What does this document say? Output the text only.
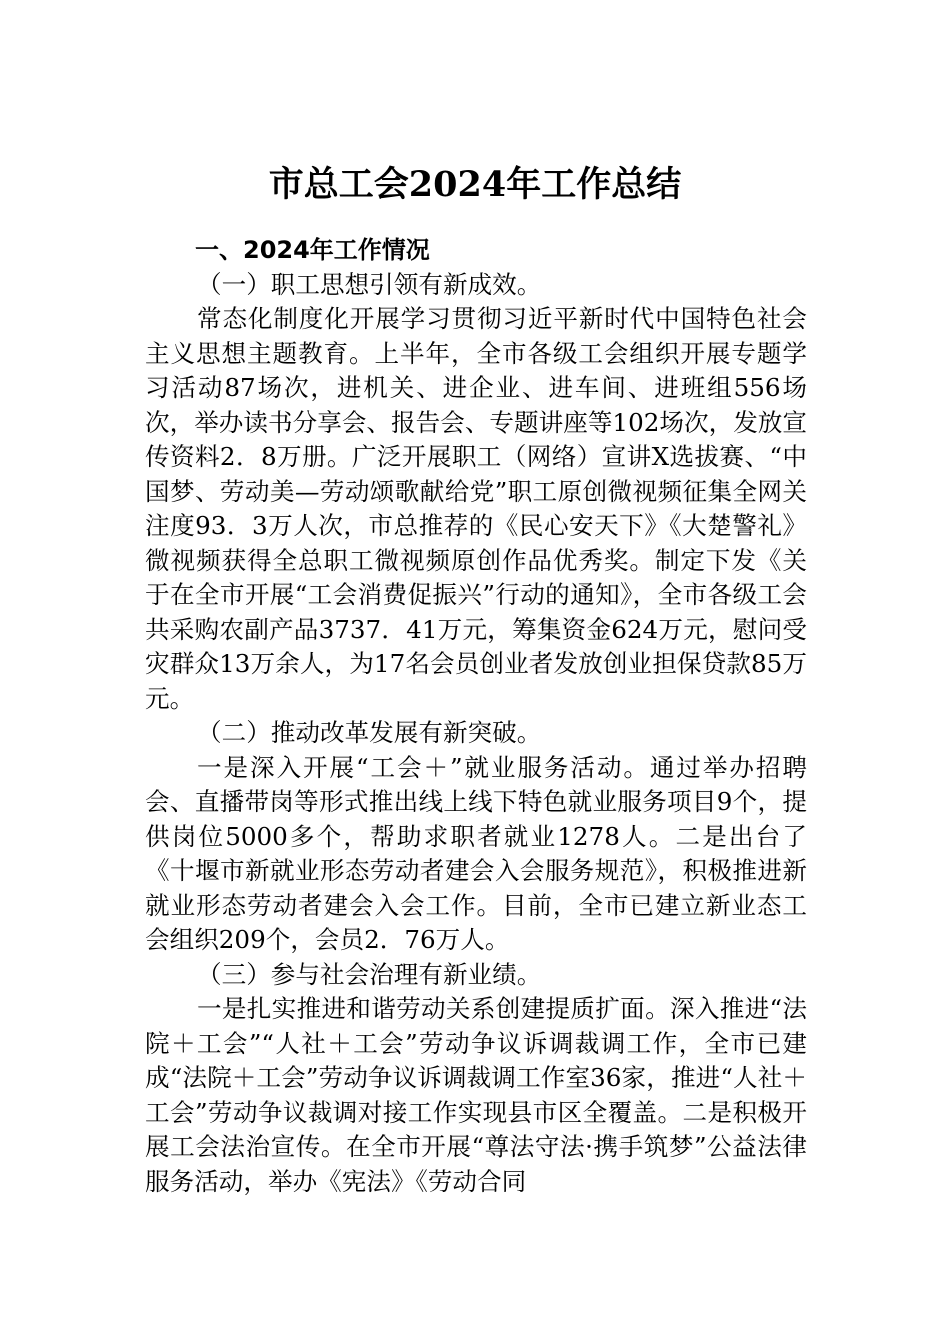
市总工会2024年工作总结

一、2024年工作情况

（一）职工思想引领有新成效。

常态化制度化开展学习贯彻习近平新时代中国特色社会主义思想主题教育。上半年，全市各级工会组织开展专题学习活动87场次，进机关、进企业、进车间、进班组556场次，举办读书分享会、报告会、专题讲座等102场次，发放宣传资料2．8万册。广泛开展职工（网络）宣讲X选拔赛、“中国梦、劳动美—劳动颂歌献给党”职工原创微视频征集全网关注度93．3万人次，市总推荐的《民心安天下》《大楚警礼》微视频获得全总职工微视频原创作品优秀奖。制定下发《关于在全市开展“工会消费促振兴”行动的通知》，全市各级工会共采购农副产品3737．41万元，筹集资金624万元，慰问受灾群众13万余人，为17名会员创业者发放创业担保贷款85万元。

（二）推动改革发展有新突破。

一是深入开展“工会＋”就业服务活动。通过举办招聘会、直播带岗等形式推出线上线下特色就业服务项目9个，提供岗位5000多个，帮助求职者就业1278人。二是出台了《十堰市新就业形态劳动者建会入会服务规范》，积极推进新就业形态劳动者建会入会工作。目前，全市已建立新业态工会组织209个，会员2．76万人。

（三）参与社会治理有新业绩。

一是扎实推进和谐劳动关系创建提质扩面。深入推进“法院＋工会”“人社＋工会”劳动争议诉调裁调工作，全市已建成“法院＋工会”劳动争议诉调裁调工作室36家，推进“人社＋工会”劳动争议裁调对接工作实现县市区全覆盖。二是积极开展工会法治宣传。在全市开展“尊法守法·携手筑梦”公益法律服务活动，举办《宪法》《劳动合同
